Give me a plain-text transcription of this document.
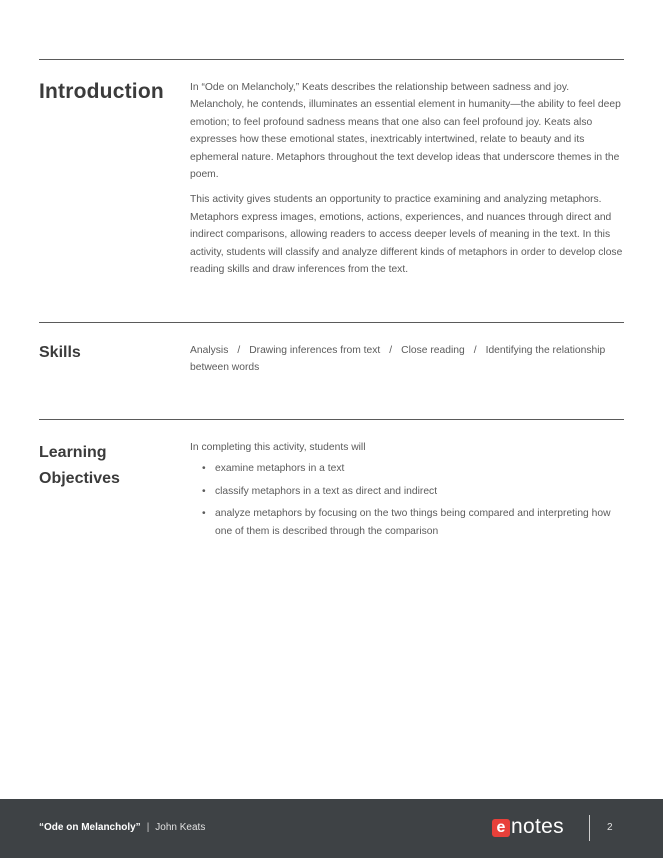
Introduction	In “Ode on Melancholy,” Keats describes the relationship between sadness and joy. Melancholy, he contends, illuminates an essential element in humanity—the ability to feel deep emotion; to feel profound sadness means that one also can feel profound joy. Keats also expresses how these emotional states, inextricably intertwined, relate to beauty and its ephemeral nature. Metaphors throughout the text develop ideas that underscore themes in the poem.

This activity gives students an opportunity to practice examining and analyzing metaphors. Metaphors express images, emotions, actions, experiences, and nuances through direct and indirect comparisons, allowing readers to access deeper levels of meaning in the text. In this activity, students will classify and analyze different kinds of metaphors in order to develop close reading skills and draw inferences from the text.

Skills	Analysis / Drawing inferences from text / Close reading / Identifying the relationship between words
Learning
Objectives

In completing this activity, students will

• examine metaphors in a text
• classify metaphors in a text as direct and indirect
• analyze metaphors by focusing on the two things being compared and interpreting how one of them is described through the comparison
“Ode on Melancholy” | John Keats	e notes	2
